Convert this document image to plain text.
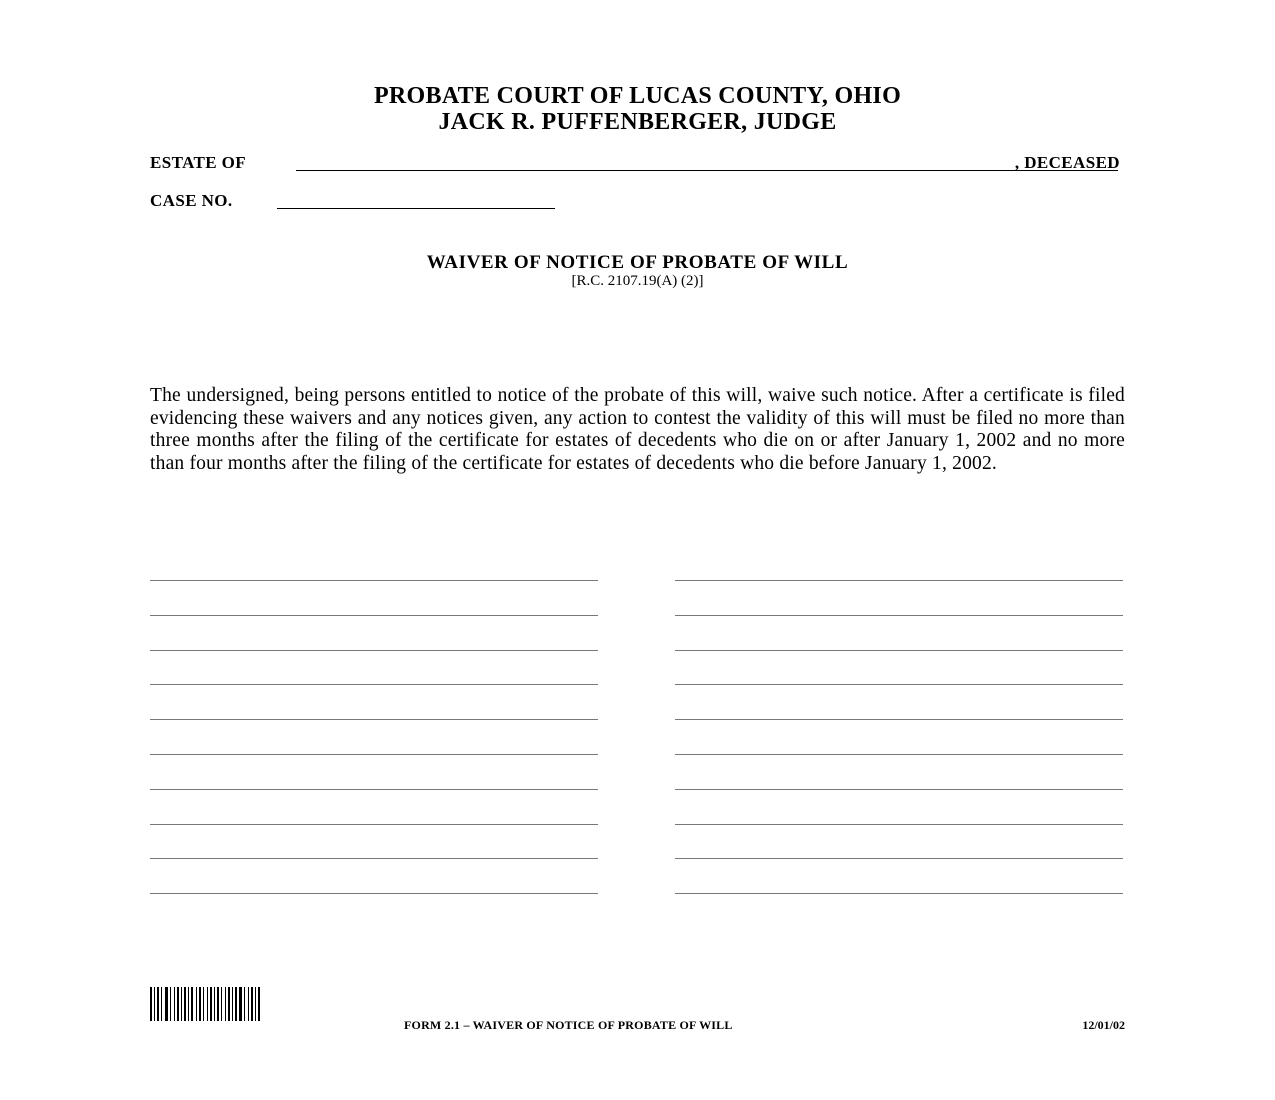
PROBATE COURT OF LUCAS COUNTY, OHIO
JACK R. PUFFENBERGER, JUDGE
ESTATE OF	, DECEASED
CASE NO.
WAIVER OF NOTICE OF PROBATE OF WILL
[R.C. 2107.19(A) (2)]
The undersigned, being persons entitled to notice of the probate of this will, waive such notice. After a certificate is filed evidencing these waivers and any notices given, any action to contest the validity of this will must be filed no more than three months after the filing of the certificate for estates of decedents who die on or after January 1, 2002 and no more than four months after the filing of the certificate for estates of decedents who die before January 1, 2002.
FORM 2.1 – WAIVER OF NOTICE OF PROBATE OF WILL	12/01/02
